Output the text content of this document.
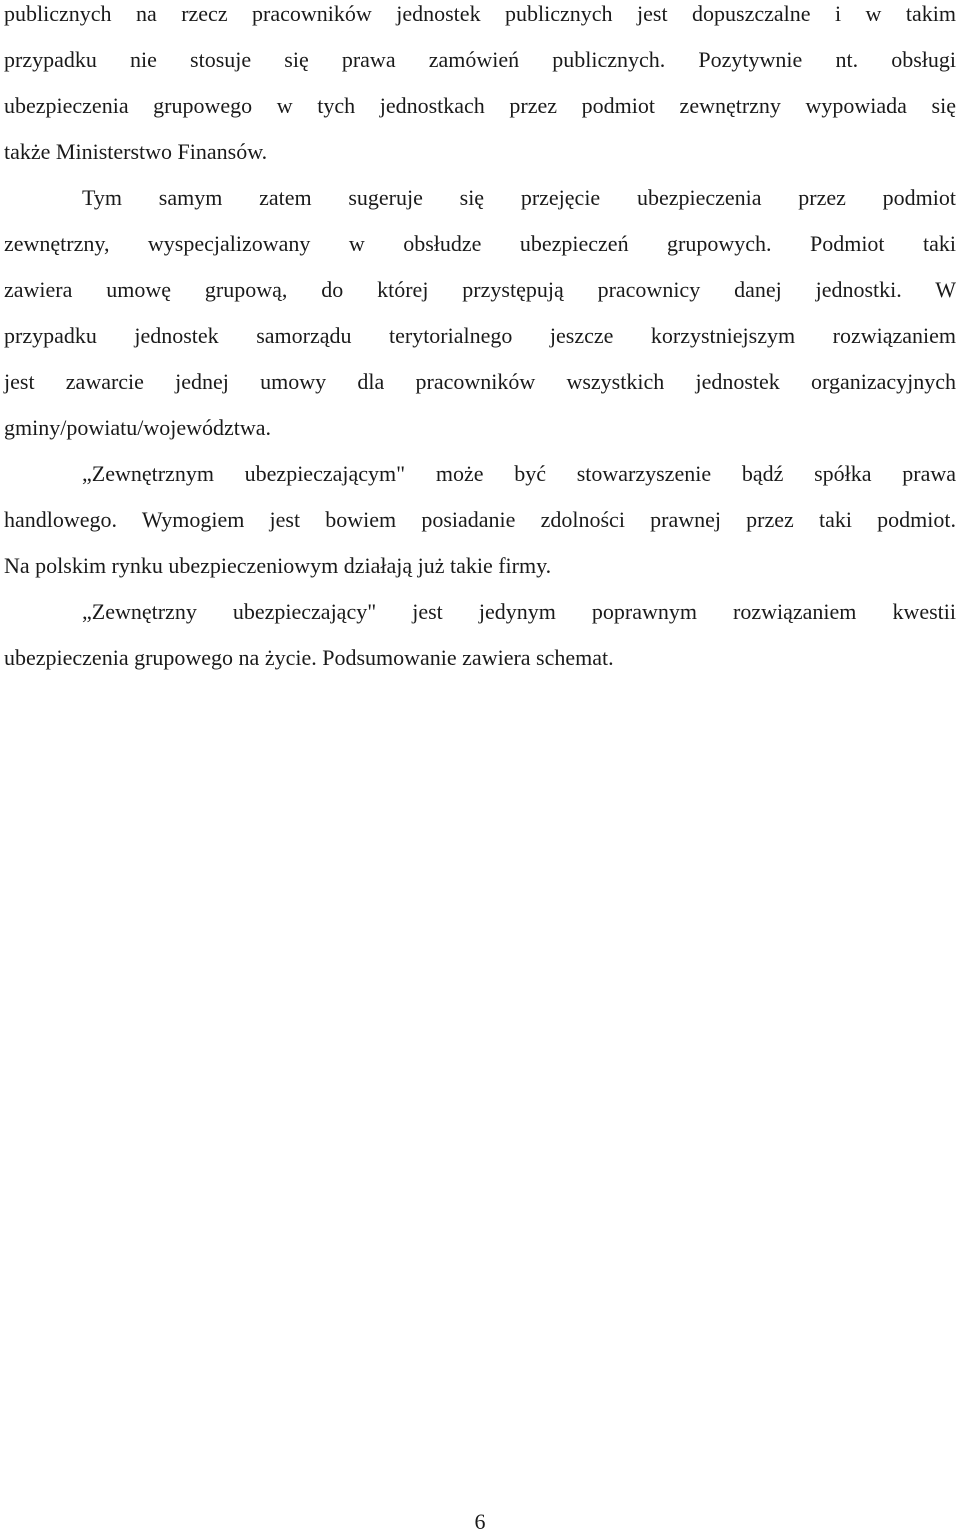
publicznych na rzecz pracowników jednostek publicznych jest dopuszczalne i w takim
przypadku nie stosuje się prawa zamówień publicznych. Pozytywnie nt. obsługi
ubezpieczenia grupowego w tych jednostkach przez podmiot zewnętrzny wypowiada się
także Ministerstwo Finansów.
Tym samym zatem sugeruje się przejęcie ubezpieczenia przez podmiot
zewnętrzny, wyspecjalizowany w obsłudze ubezpieczeń grupowych. Podmiot taki
zawiera umowę grupową, do której przystępują pracownicy danej jednostki. W
przypadku jednostek samorządu terytorialnego jeszcze korzystniejszym rozwiązaniem
jest zawarcie jednej umowy dla pracowników wszystkich jednostek organizacyjnych
gminy/powiatu/województwa.
„Zewnętrznym ubezpieczającym" może być stowarzyszenie bądź spółka prawa
handlowego. Wymogiem jest bowiem posiadanie zdolności prawnej przez taki podmiot.
Na polskim rynku ubezpieczeniowym działają już takie firmy.
„Zewnętrzny ubezpieczający" jest jedynym poprawnym rozwiązaniem kwestii
ubezpieczenia grupowego na życie. Podsumowanie zawiera schemat.
6
